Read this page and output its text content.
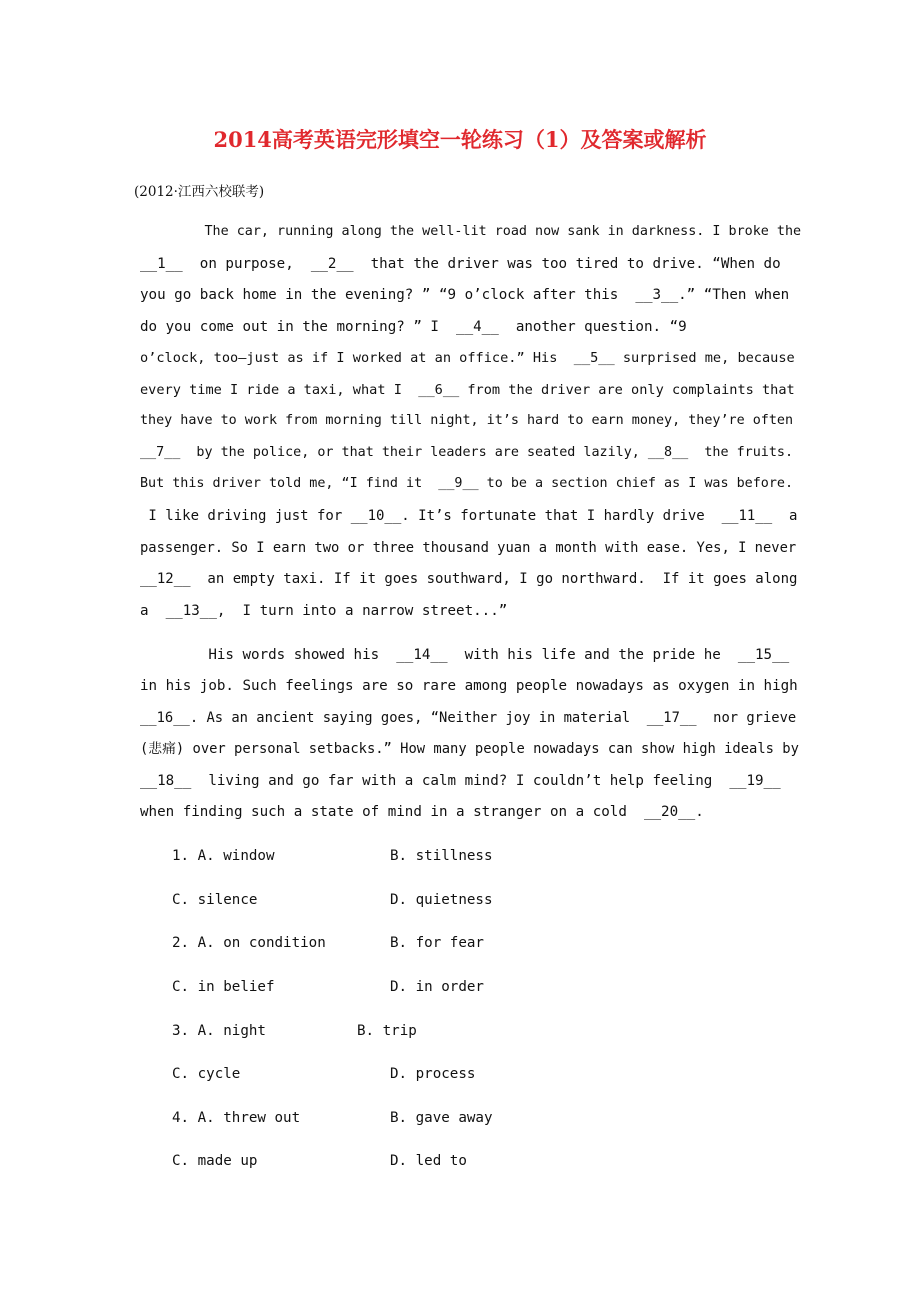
2014高考英语完形填空一轮练习（1）及答案或解析
(2012·江西六校联考)
The car, running along the well-lit road now sank in darkness. I broke the
__1__  on purpose,  __2__  that the driver was too tired to drive. “When do
you go back home in the evening? ” “9 o’clock after this  __3__.” “Then when
do you come out in the morning? ” I  __4__  another question. “9
o’clock, too—just as if I worked at an office.” His  __5__ surprised me, because
every time I ride a taxi, what I  __6__ from the driver are only complaints that
they have to work from morning till night, it’s hard to earn money, they’re often
__7__  by the police, or that their leaders are seated lazily, __8__  the fruits.
But this driver told me, “I find it  __9__ to be a section chief as I was before.
I like driving just for __10__. It’s fortunate that I hardly drive  __11__  a
passenger. So I earn two or three thousand yuan a month with ease. Yes, I never
__12__  an empty taxi. If it goes southward, I go northward.  If it goes along
a  __13__,  I turn into a narrow street...”
His words showed his  __14__  with his life and the pride he  __15__
in his job. Such feelings are so rare among people nowadays as oxygen in high
__16__. As an ancient saying goes, “Neither joy in material  __17__  nor grieve
(悲痛) over personal setbacks.” How many people nowadays can show high ideals by
__18__  living and go far with a calm mind? I couldn’t help feeling  __19__
when finding such a state of mind in a stranger on a cold  __20__.
1. A. window	B. stillness
C. silence	D. quietness
2. A. on condition	B. for fear
C. in belief	D. in order
3. A. night	B. trip
C. cycle	D. process
4. A. threw out	B. gave away
C. made up	D. led to
